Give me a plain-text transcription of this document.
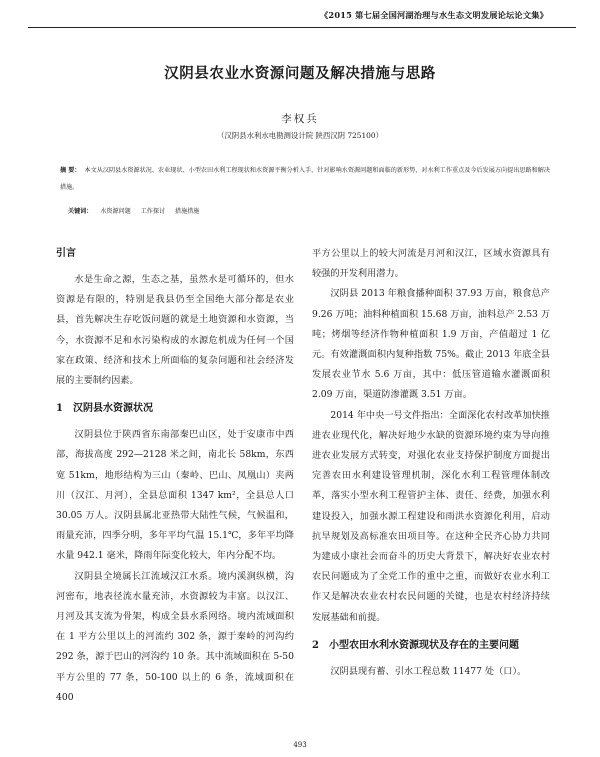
《2015 第七届全国河湖治理与水生态文明发展论坛论文集》
汉阴县农业水资源问题及解决措施与思路
李权兵
（汉阴县水利水电勘测设计院 陕西汉阴 725100）
摘 要： 本文从汉阴县水资源状况、农业现状、小型农田水利工程现状和水资源平衡分析入手，针对影响水资源问题和面临的新形势，对水利工作重点及今后发展方向提出思路和解决措施。
关键词： 水资源问题 工作探讨 措施措施
引言

水是生命之源，生态之基，虽然水是可循环的，但水资源是有限的，特别是我县仍至全国绝大部分都是农业县，首先解决生存吃饭问题的就是土地资源和水资源，当今，水资源不足和水污染构成的水源危机成为任何一个国家在政策、经济和技术上所面临的复杂问题和社会经济发展的主要制约因素。

1 汉阴县水资源状况

汉阴县位于陕西省东南部秦巴山区，处于安康市中西部，海拔高度 292—2128 米之间，南北长 58km，东西宽 51km，地形结构为三山（秦岭、巴山、凤凰山）夹两川（汉江、月河），全县总面积 1347 km²，全县总人口 30.05 万人。汉阴县属北亚热带大陆性气候，气候温和，雨量充沛，四季分明，多年平均气温 15.1℃，多年平均降水量 942.1 毫米，降雨年际变化较大，年内分配不均。

汉阴县全境属长江流域汉江水系。境内溪涧纵横，沟河密布，地表径流水量充沛，水资源较为丰富。以汉江、月河及其支流为骨架，构成全县水系网络。境内流域面积在 1 平方公里以上的河流约 302 条，源于秦岭的河沟约 292 条，源于巴山的河沟约 10 条。其中流域面积在 5-50 平方公里的 77 条，50-100 以上的 6 条，流域面积在 400

平方公里以上的较大河流是月河和汉江，区域水资源具有较强的开发利用潜力。

汉阴县 2013 年粮食播种面积 37.93 万亩，粮食总产 9.26 万吨；油料种植面积 15.68 万亩，油料总产 2.53 万吨；烤烟等经济作物种植面积 1.9 万亩，产值超过 1 亿元。有效灌溉面积内复种指数 75%。截止 2013 年底全县发展农业节水 5.6 万亩，其中：低压管道输水灌溉面积 2.09 万亩，渠道防渗灌溉 3.51 万亩。

2014 年中央一号文件指出：全面深化农村改革加快推进农业现代化，解决好地少水缺的资源环境约束为导向推进农业发展方式转变，对强化农业支持保护制度方面提出完善农田水利建设管理机制，深化水利工程管理体制改革，落实小型水利工程管护主体、责任、经费，加强水利建设投入，加强水源工程建设和雨洪水资源化利用，启动抗旱规划及高标准农田项目等。在这种全民齐心协力共同为建成小康社会而奋斗的历史大背景下，解决好农业农村农民问题成为了全党工作的重中之重，而做好农业水利工作又是解决农业农村农民问题的关键，也是农村经济持续发展基础和前提。

2 小型农田水利水资源现状及存在的主要问题

汉阴县现有蓄、引水工程总数 11477 处（口）。

493
